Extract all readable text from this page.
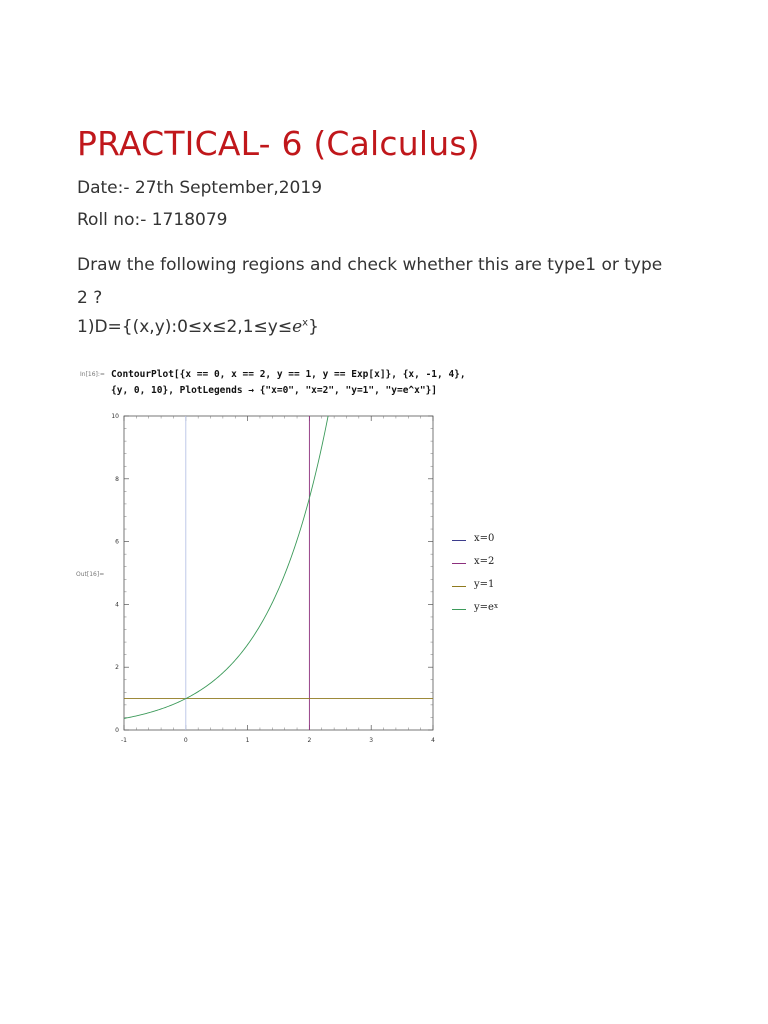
PRACTICAL- 6 (Calculus)
Date:- 27th September,2019
Roll no:- 1718079
Draw the following regions and check whether this are type1 or type
2 ?
$1)D=\{(x,y):0\le x\le 2,1\le y\le e^x\}$
In[16]:= ContourPlot[{x == 0, x == 2, y == 1, y == Exp[x]}, {x, -1, 4},
{y, 0, 10}, PlotLegends → {"x=0", "x=2", "y=1", "y=e^x"}]
Out[16]=
-1	0	1	2	3	4
0
2
4
6
8
10
x=0
x=2
y=1
y=e x
